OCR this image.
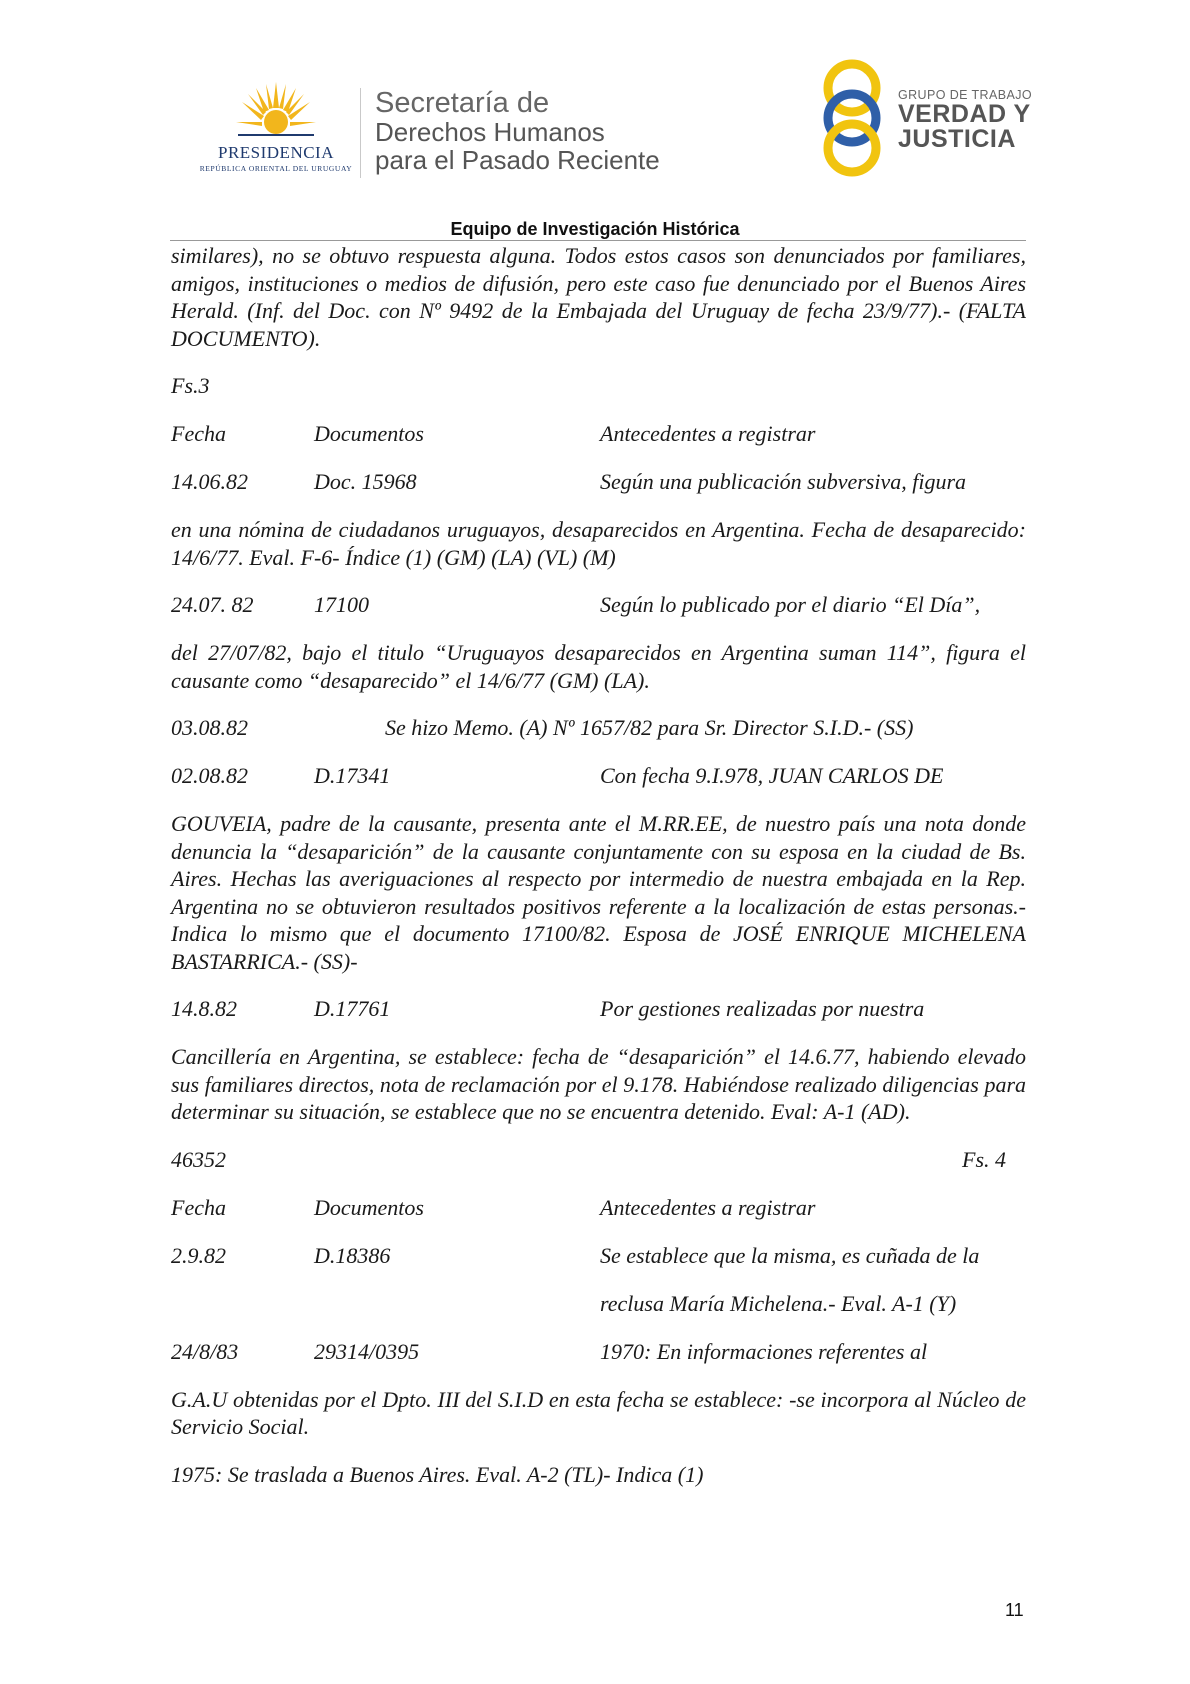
PRESIDENCIA
REPÚBLICA ORIENTAL DEL URUGUAY
Secretaría de
Derechos Humanos
para el Pasado Reciente
GRUPO DE TRABAJO
VERDAD Y
JUSTICIA
Equipo de Investigación Histórica

similares), no se obtuvo respuesta alguna. Todos estos casos son denunciados por familiares, amigos, instituciones o medios de difusión, pero este caso fue denunciado por el Buenos Aires Herald. (Inf. del Doc. con Nº 9492 de la Embajada del Uruguay de fecha 23/9/77).- (FALTA DOCUMENTO).

Fs.3
Fecha	Documentos	Antecedentes a registrar
14.06.82	Doc. 15968	Según una publicación subversiva, figura

en una nómina de ciudadanos uruguayos, desaparecidos en Argentina. Fecha de desaparecido: 14/6/77. Eval. F-6- Índice (1) (GM) (LA) (VL) (M)

24.07. 82	17100	Según lo publicado por el diario “El Día”,

del 27/07/82, bajo el titulo “Uruguayos desaparecidos en Argentina suman 114”, figura el causante como “desaparecido” el 14/6/77 (GM) (LA).

03.08.82	Se hizo Memo. (A) Nº 1657/82 para Sr. Director S.I.D.- (SS)
02.08.82	D.17341	Con fecha 9.I.978, JUAN CARLOS DE

GOUVEIA, padre de la causante, presenta ante el M.RR.EE, de nuestro país una nota donde denuncia la “desaparición” de la causante conjuntamente con su esposa en la ciudad de Bs. Aires. Hechas las averiguaciones al respecto por intermedio de nuestra embajada en la Rep. Argentina no se obtuvieron resultados positivos referente a la localización de estas personas.- Indica lo mismo que el documento 17100/82. Esposa de JOSÉ ENRIQUE MICHELENA BASTARRICA.- (SS)-

14.8.82	D.17761	Por gestiones realizadas por nuestra

Cancillería en Argentina, se establece: fecha de “desaparición” el 14.6.77, habiendo elevado sus familiares directos, nota de reclamación por el 9.178. Habiéndose realizado diligencias para determinar su situación, se establece que no se encuentra detenido. Eval: A-1 (AD).

46352	Fs. 4
Fecha	Documentos	Antecedentes a registrar
2.9.82	D.18386	Se establece que la misma, es cuñada de la
reclusa María Michelena.- Eval. A-1 (Y)
24/8/83	29314/0395	1970: En informaciones referentes al

G.A.U obtenidas por el Dpto. III del S.I.D en esta fecha se establece: -se incorpora al Núcleo de Servicio Social.

1975: Se traslada a Buenos Aires. Eval. A-2 (TL)- Indica (1)

11
